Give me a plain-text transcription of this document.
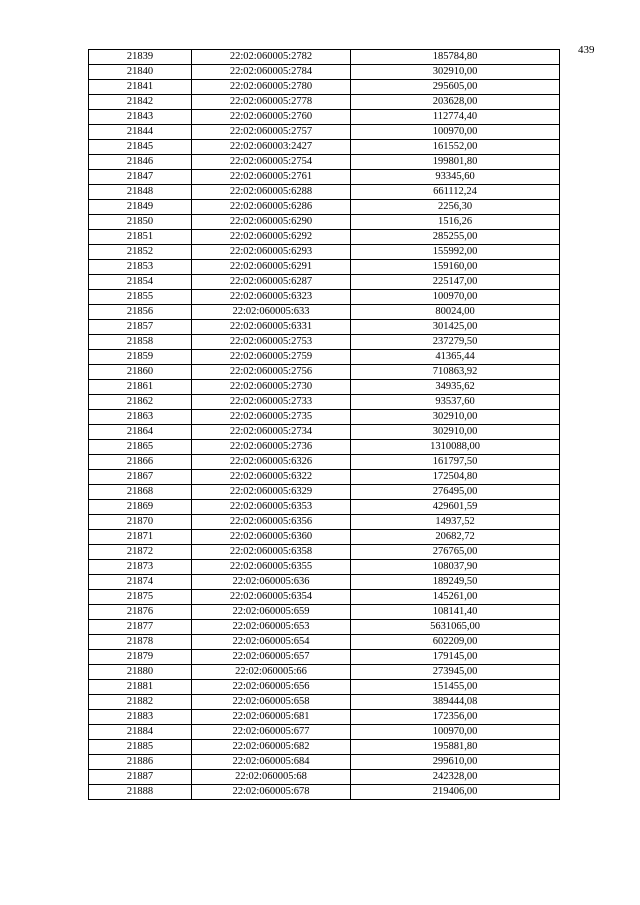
439
21839	22:02:060005:2782	185784,80
21840	22:02:060005:2784	302910,00
21841	22:02:060005:2780	295605,00
21842	22:02:060005:2778	203628,00
21843	22:02:060005:2760	112774,40
21844	22:02:060005:2757	100970,00
21845	22:02:060003:2427	161552,00
21846	22:02:060005:2754	199801,80
21847	22:02:060005:2761	93345,60
21848	22:02:060005:6288	661112,24
21849	22:02:060005:6286	2256,30
21850	22:02:060005:6290	1516,26
21851	22:02:060005:6292	285255,00
21852	22:02:060005:6293	155992,00
21853	22:02:060005:6291	159160,00
21854	22:02:060005:6287	225147,00
21855	22:02:060005:6323	100970,00
21856	22:02:060005:633	80024,00
21857	22:02:060005:6331	301425,00
21858	22:02:060005:2753	237279,50
21859	22:02:060005:2759	41365,44
21860	22:02:060005:2756	710863,92
21861	22:02:060005:2730	34935,62
21862	22:02:060005:2733	93537,60
21863	22:02:060005:2735	302910,00
21864	22:02:060005:2734	302910,00
21865	22:02:060005:2736	1310088,00
21866	22:02:060005:6326	161797,50
21867	22:02:060005:6322	172504,80
21868	22:02:060005:6329	276495,00
21869	22:02:060005:6353	429601,59
21870	22:02:060005:6356	14937,52
21871	22:02:060005:6360	20682,72
21872	22:02:060005:6358	276765,00
21873	22:02:060005:6355	108037,90
21874	22:02:060005:636	189249,50
21875	22:02:060005:6354	145261,00
21876	22:02:060005:659	108141,40
21877	22:02:060005:653	5631065,00
21878	22:02:060005:654	602209,00
21879	22:02:060005:657	179145,00
21880	22:02:060005:66	273945,00
21881	22:02:060005:656	151455,00
21882	22:02:060005:658	389444,08
21883	22:02:060005:681	172356,00
21884	22:02:060005:677	100970,00
21885	22:02:060005:682	195881,80
21886	22:02:060005:684	299610,00
21887	22:02:060005:68	242328,00
21888	22:02:060005:678	219406,00
